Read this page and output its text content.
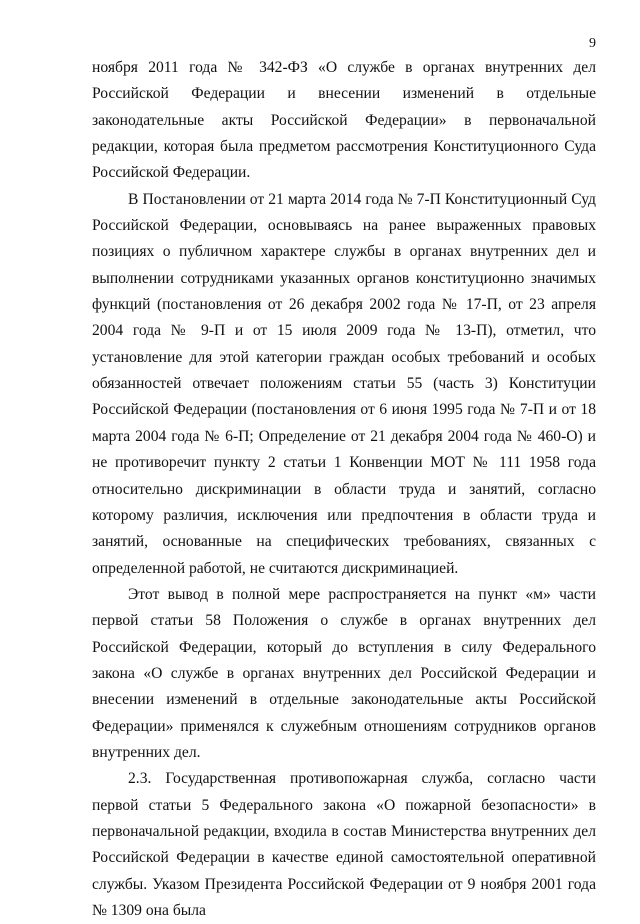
9

ноября 2011 года № 342-ФЗ «О службе в органах внутренних дел Российской Федерации и внесении изменений в отдельные законодательные акты Российской Федерации» в первоначальной редакции, которая была предметом рассмотрения Конституционного Суда Российской Федерации.

В Постановлении от 21 марта 2014 года № 7-П Конституционный Суд Российской Федерации, основываясь на ранее выраженных правовых позициях о публичном характере службы в органах внутренних дел и выполнении сотрудниками указанных органов конституционно значимых функций (постановления от 26 декабря 2002 года № 17-П, от 23 апреля 2004 года № 9-П и от 15 июля 2009 года № 13-П), отметил, что установление для этой категории граждан особых требований и особых обязанностей отвечает положениям статьи 55 (часть 3) Конституции Российской Федерации (постановления от 6 июня 1995 года № 7-П и от 18 марта 2004 года № 6-П; Определение от 21 декабря 2004 года № 460-О) и не противоречит пункту 2 статьи 1 Конвенции МОТ № 111 1958 года относительно дискриминации в области труда и занятий, согласно которому различия, исключения или предпочтения в области труда и занятий, основанные на специфических требованиях, связанных с определенной работой, не считаются дискриминацией.

Этот вывод в полной мере распространяется на пункт «м» части первой статьи 58 Положения о службе в органах внутренних дел Российской Федерации, который до вступления в силу Федерального закона «О службе в органах внутренних дел Российской Федерации и внесении изменений в отдельные законодательные акты Российской Федерации» применялся к служебным отношениям сотрудников органов внутренних дел.

2.3. Государственная противопожарная служба, согласно части первой статьи 5 Федерального закона «О пожарной безопасности» в первоначальной редакции, входила в состав Министерства внутренних дел Российской Федерации в качестве единой самостоятельной оперативной службы. Указом Президента Российской Федерации от 9 ноября 2001 года № 1309 она была
